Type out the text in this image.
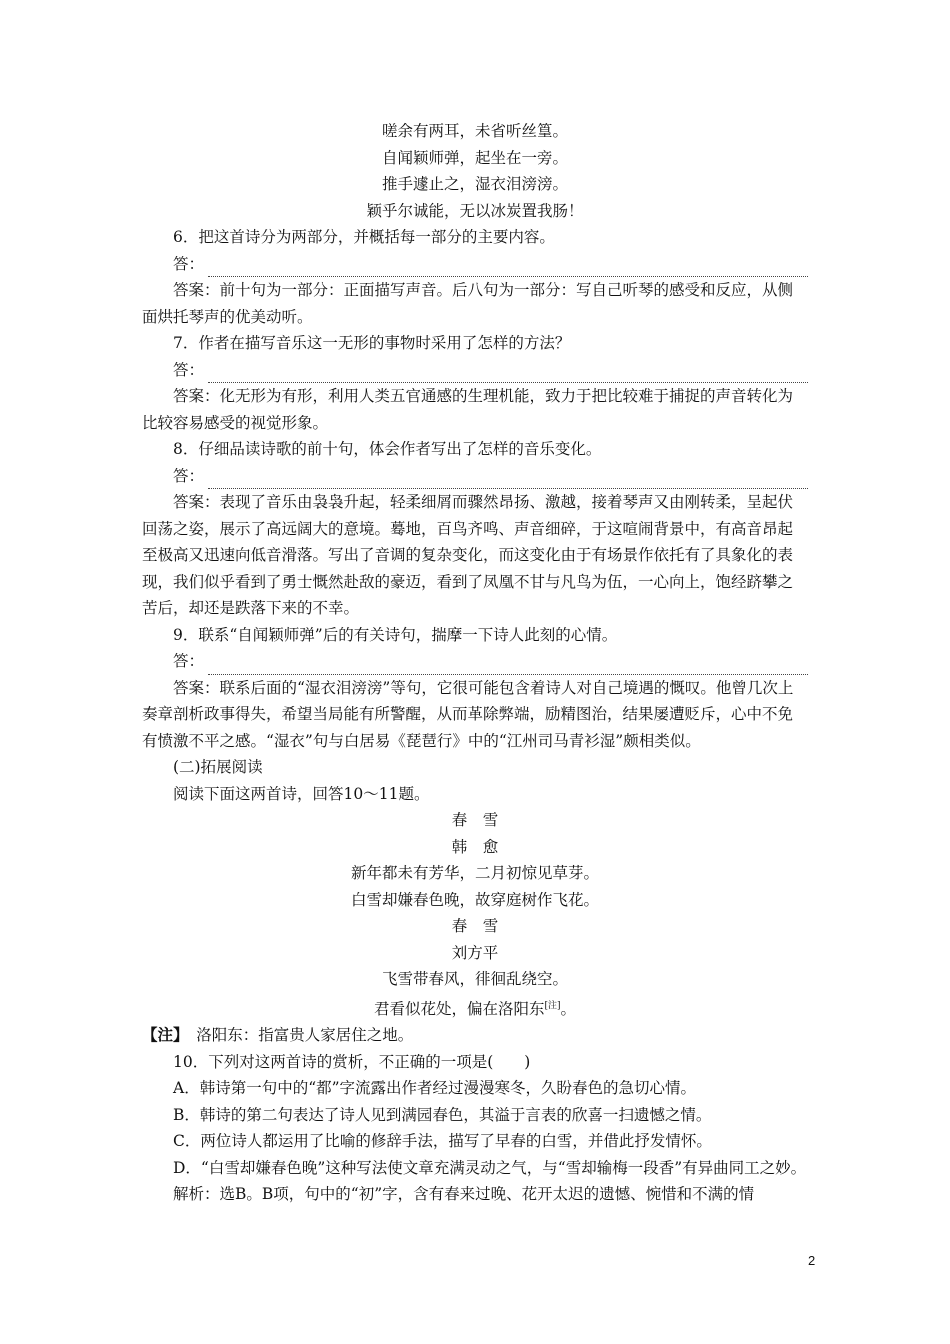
嗟余有两耳，未省听丝篁。

自闻颖师弹，起坐在一旁。

推手遽止之，湿衣泪滂滂。

颖乎尔诚能，无以冰炭置我肠！

6．把这首诗分为两部分，并概括每一部分的主要内容。

答：

答案：前十句为一部分：正面描写声音。后八句为一部分：写自己听琴的感受和反应，从侧面烘托琴声的优美动听。

7．作者在描写音乐这一无形的事物时采用了怎样的方法？

答：

答案：化无形为有形，利用人类五官通感的生理机能，致力于把比较难于捕捉的声音转化为比较容易感受的视觉形象。

8．仔细品读诗歌的前十句，体会作者写出了怎样的音乐变化。

答：

答案：表现了音乐由袅袅升起，轻柔细屑而骤然昂扬、激越，接着琴声又由刚转柔，呈起伏回荡之姿，展示了高远阔大的意境。蓦地，百鸟齐鸣、声音细碎，于这喧闹背景中，有高音昂起至极高又迅速向低音滑落。写出了音调的复杂变化，而这变化由于有场景作依托有了具象化的表现，我们似乎看到了勇士慨然赴敌的豪迈，看到了凤凰不甘与凡鸟为伍，一心向上，饱经跻攀之苦后，却还是跌落下来的不幸。

9．联系“自闻颖师弹”后的有关诗句，揣摩一下诗人此刻的心情。

答：

答案：联系后面的“湿衣泪滂滂”等句，它很可能包含着诗人对自己境遇的慨叹。他曾几次上奏章剖析政事得失，希望当局能有所警醒，从而革除弊端，励精图治，结果屡遭贬斥，心中不免有愤激不平之感。“湿衣”句与白居易《琵琶行》中的“江州司马青衫湿”颇相类似。

(二)拓展阅读

阅读下面这两首诗，回答10～11题。

春　雪

韩　愈

新年都未有芳华，二月初惊见草芽。

白雪却嫌春色晚，故穿庭树作飞花。

春　雪

刘方平

飞雪带春风，徘徊乱绕空。

君看似花处，偏在洛阳东[注]。

【注】　洛阳东：指富贵人家居住之地。

10．下列对这两首诗的赏析，不正确的一项是(　　)

A．韩诗第一句中的“都”字流露出作者经过漫漫寒冬，久盼春色的急切心情。

B．韩诗的第二句表达了诗人见到满园春色，其溢于言表的欣喜一扫遗憾之情。

C．两位诗人都运用了比喻的修辞手法，描写了早春的白雪，并借此抒发情怀。

D．“白雪却嫌春色晚”这种写法使文章充满灵动之气，与“雪却输梅一段香”有异曲同工之妙。

解析：选B。B项，句中的“初”字，含有春来过晚、花开太迟的遗憾、惋惜和不满的情

2
